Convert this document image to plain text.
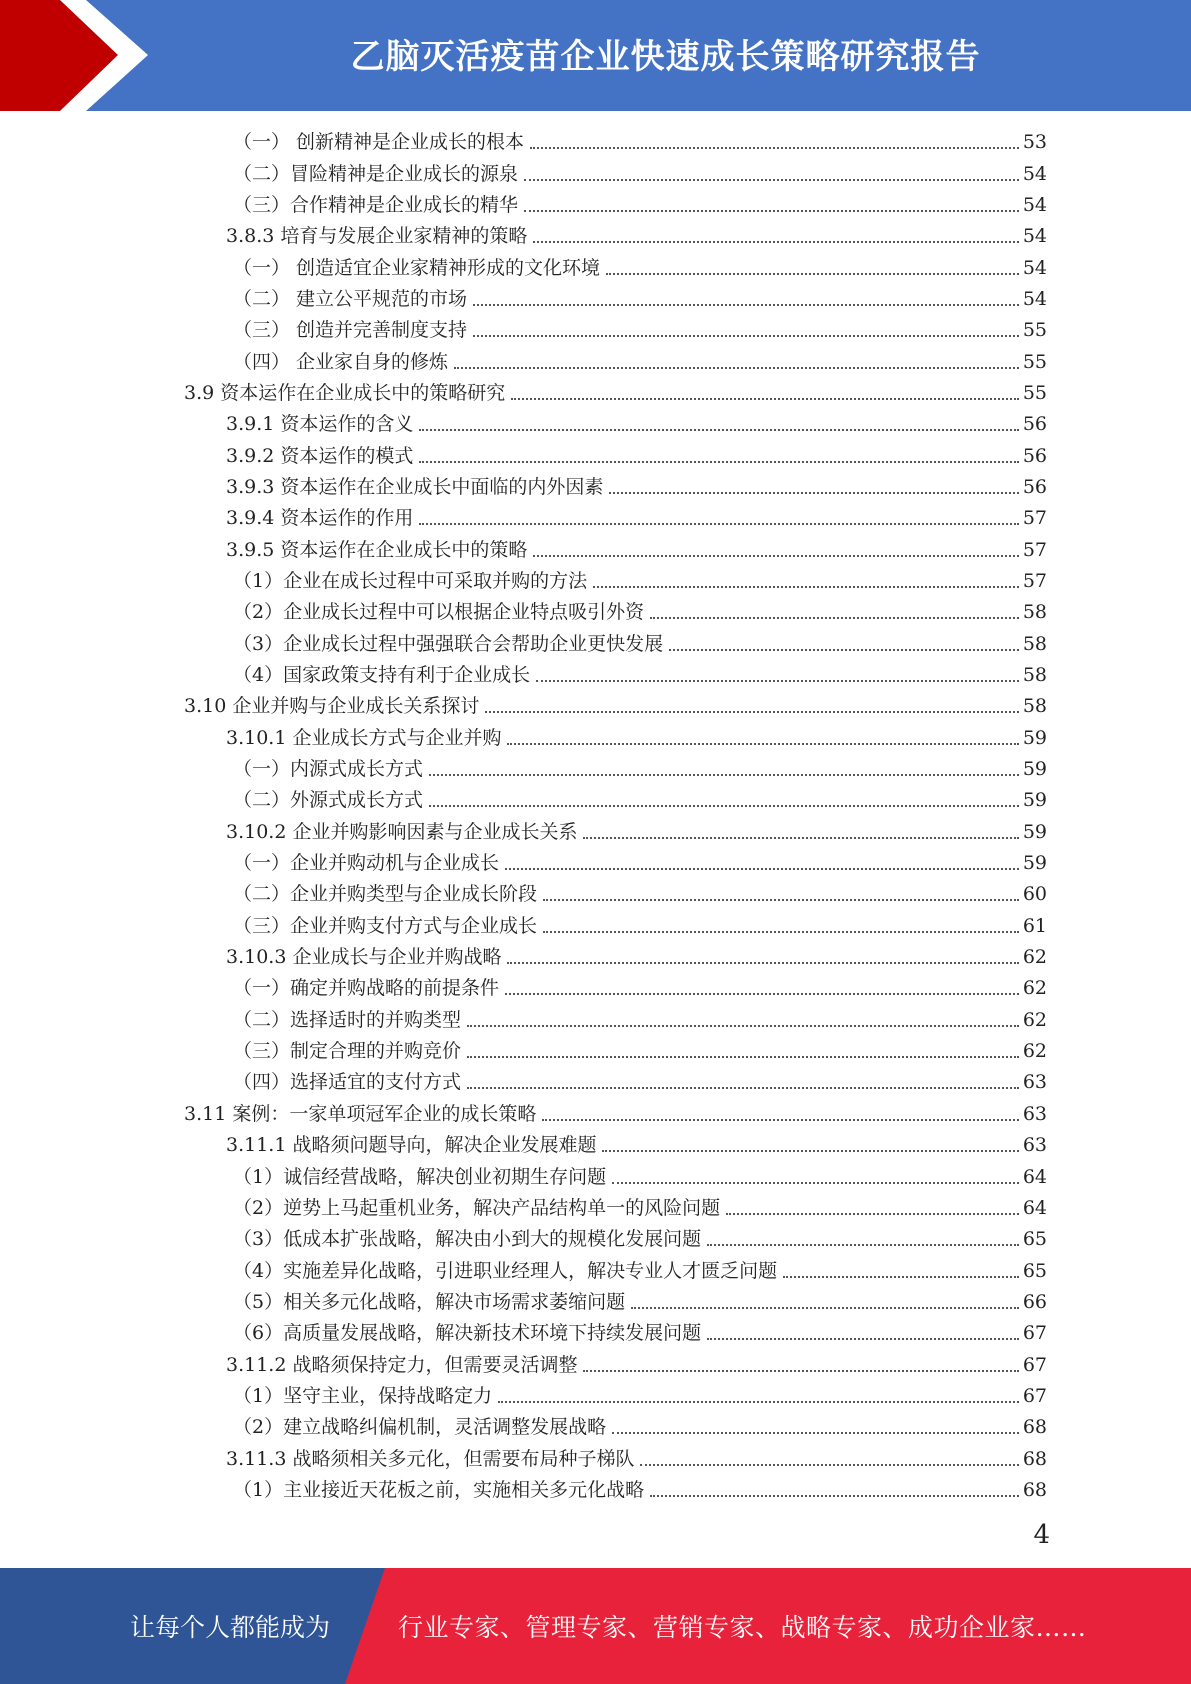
乙脑灭活疫苗企业快速成长策略研究报告
（一） 创新精神是企业成长的根本	53
（二）冒险精神是企业成长的源泉	54
（三）合作精神是企业成长的精华	54
3.8.3 培育与发展企业家精神的策略	54
（一） 创造适宜企业家精神形成的文化环境	54
（二） 建立公平规范的市场	54
（三） 创造并完善制度支持	55
（四） 企业家自身的修炼	55
3.9 资本运作在企业成长中的策略研究	55
3.9.1 资本运作的含义	56
3.9.2 资本运作的模式	56
3.9.3 资本运作在企业成长中面临的内外因素	56
3.9.4 资本运作的作用	57
3.9.5 资本运作在企业成长中的策略	57
（1）企业在成长过程中可采取并购的方法	57
（2）企业成长过程中可以根据企业特点吸引外资	58
（3）企业成长过程中强强联合会帮助企业更快发展	58
（4）国家政策支持有利于企业成长	58
3.10 企业并购与企业成长关系探讨	58
3.10.1 企业成长方式与企业并购	59
（一）内源式成长方式	59
（二）外源式成长方式	59
3.10.2 企业并购影响因素与企业成长关系	59
（一）企业并购动机与企业成长	59
（二）企业并购类型与企业成长阶段	60
（三）企业并购支付方式与企业成长	61
3.10.3 企业成长与企业并购战略	62
（一）确定并购战略的前提条件	62
（二）选择适时的并购类型	62
（三）制定合理的并购竞价	62
（四）选择适宜的支付方式	63
3.11 案例：一家单项冠军企业的成长策略	63
3.11.1 战略须问题导向，解决企业发展难题	63
（1）诚信经营战略，解决创业初期生存问题	64
（2）逆势上马起重机业务，解决产品结构单一的风险问题	64
（3）低成本扩张战略，解决由小到大的规模化发展问题	65
（4）实施差异化战略，引进职业经理人，解决专业人才匮乏问题	65
（5）相关多元化战略，解决市场需求萎缩问题	66
（6）高质量发展战略，解决新技术环境下持续发展问题	67
3.11.2 战略须保持定力，但需要灵活调整	67
（1）坚守主业，保持战略定力	67
（2）建立战略纠偏机制，灵活调整发展战略	68
3.11.3 战略须相关多元化，但需要布局种子梯队	68
（1）主业接近天花板之前，实施相关多元化战略	68
4
让每个人都能成为	行业专家、管理专家、营销专家、战略专家、成功企业家……
